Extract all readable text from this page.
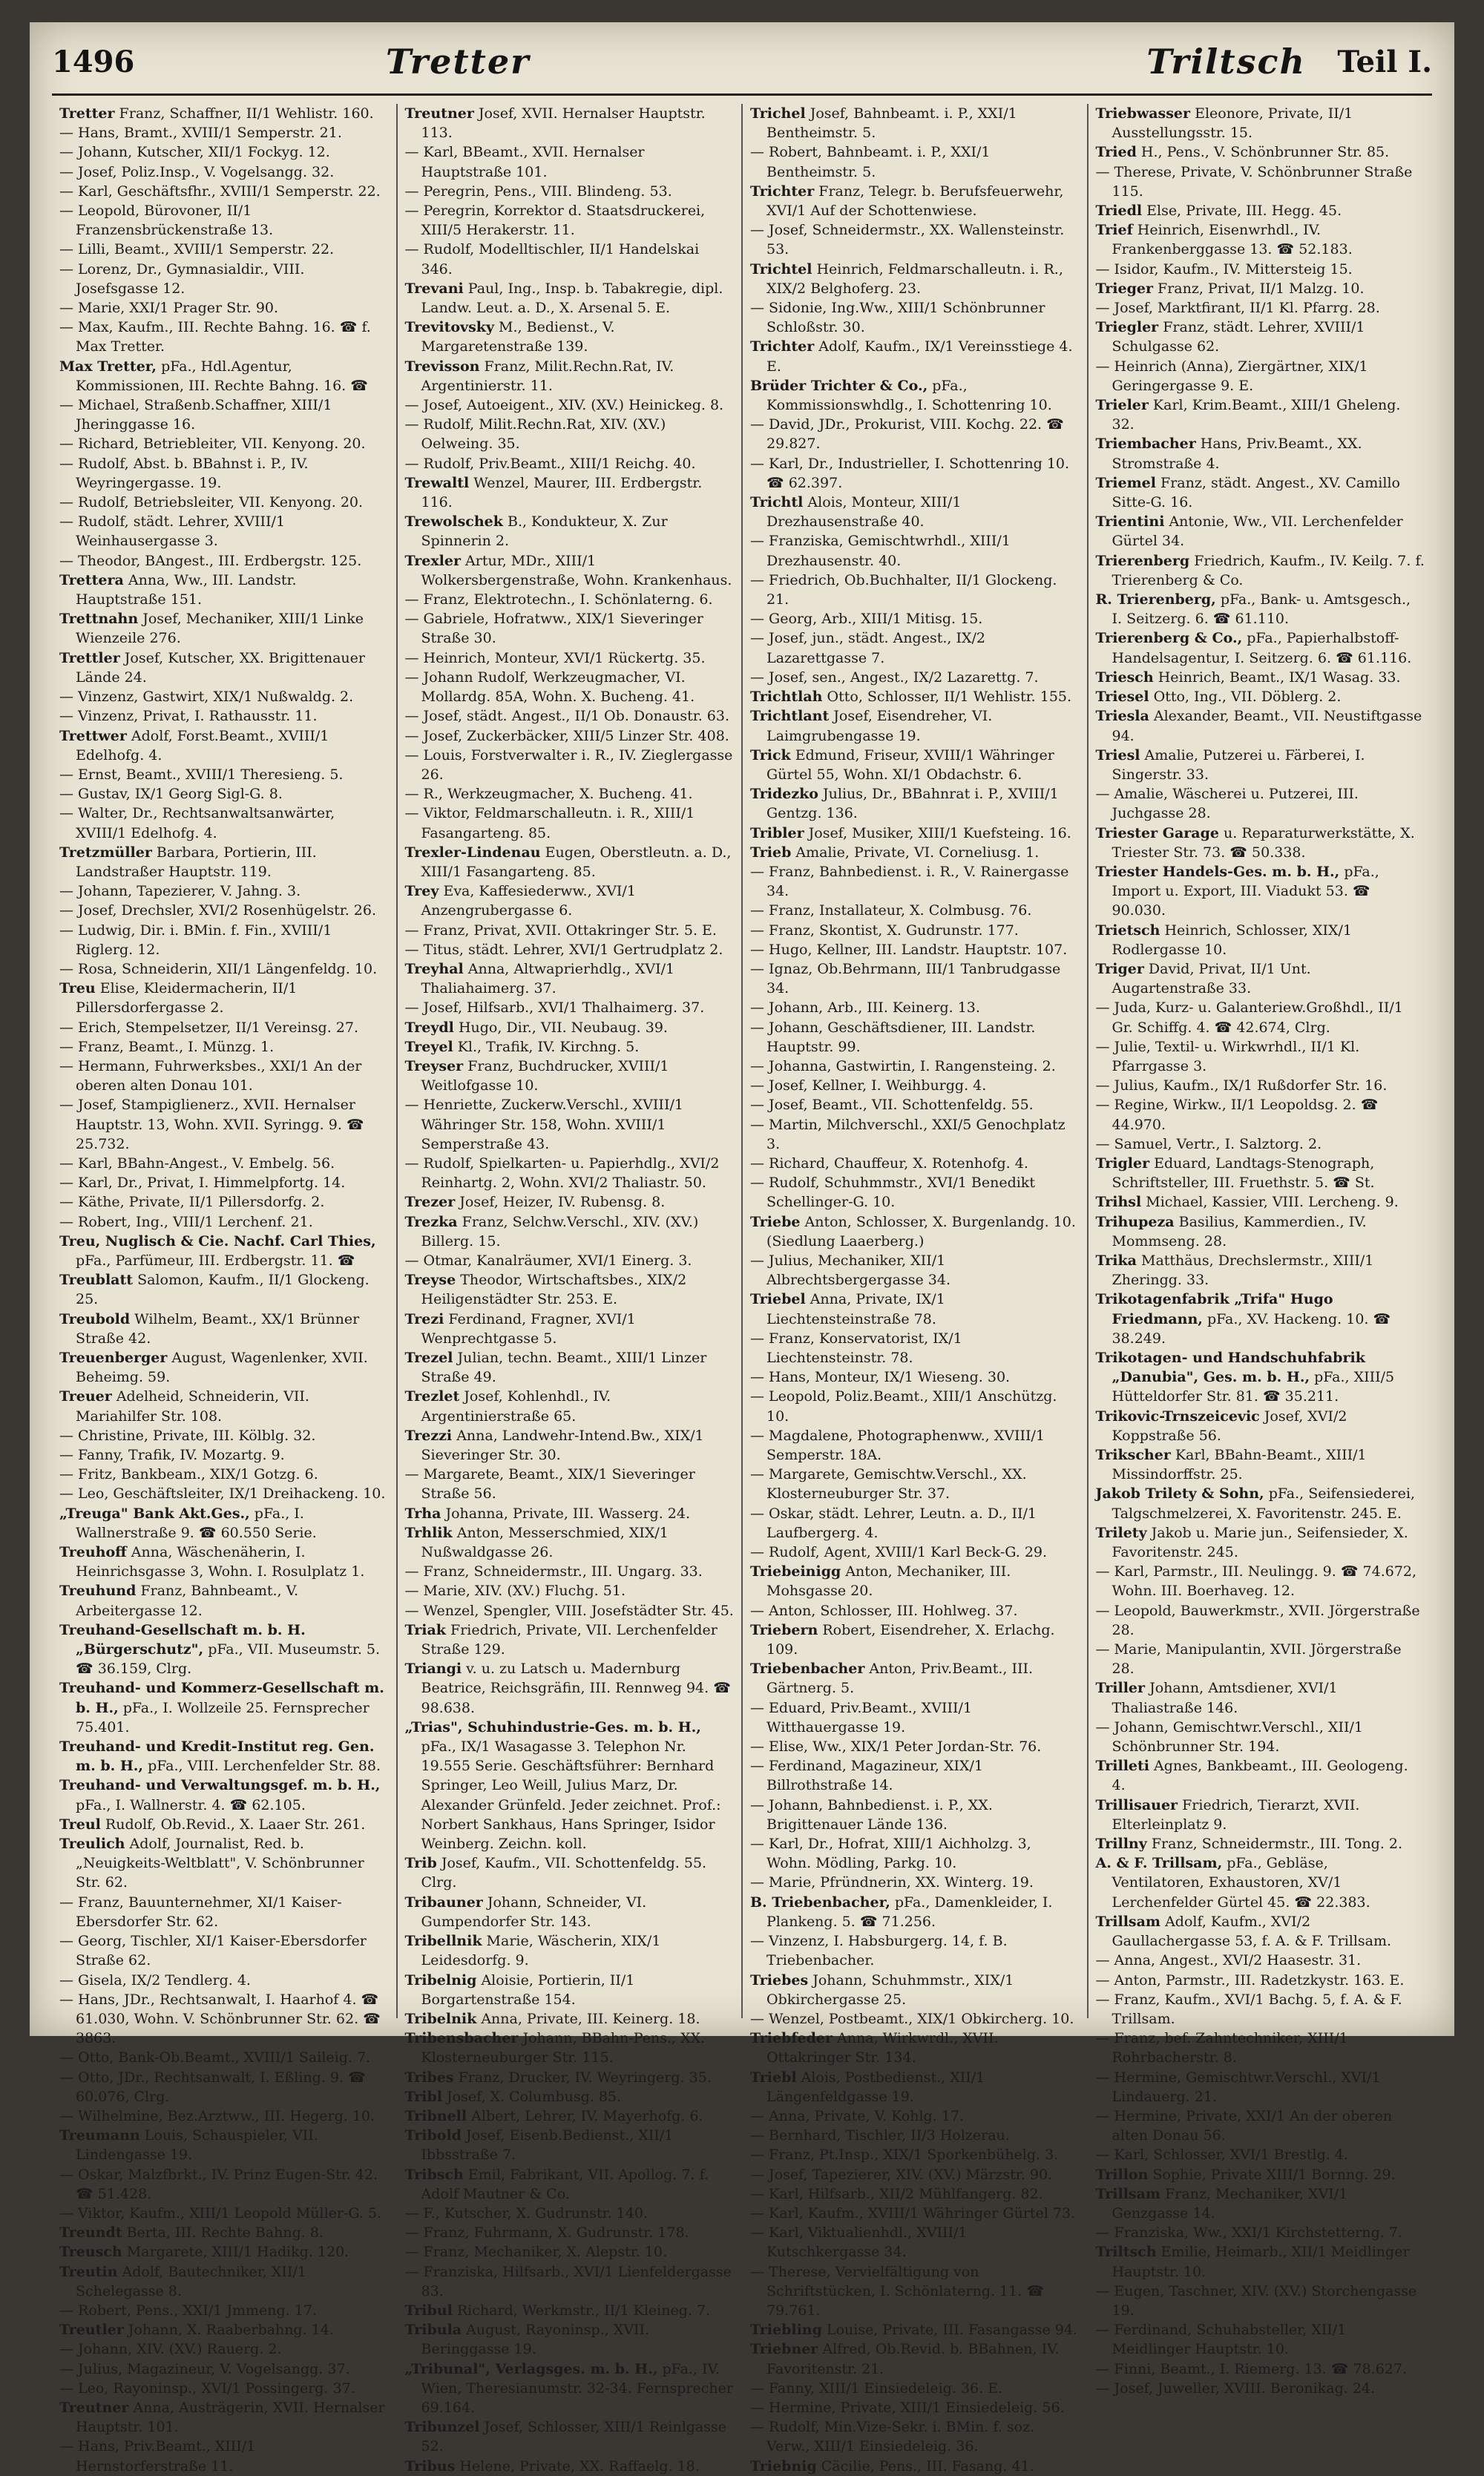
1496	Tretter	Triltsch Teil I.

Tretter Franz, Schaffner, II/1 Wehlistr. 160.

— Hans, Bramt., XVIII/1 Semperstr. 21.

— Johann, Kutscher, XII/1 Fockyg. 12.

— Josef, Poliz.Insp., V. Vogelsangg. 32.

— Karl, Geschäftsfhr., XVIII/1 Semperstr. 22.

— Leopold, Bürovoner, II/1 Franzensbrückenstraße 13.

— Lilli, Beamt., XVIII/1 Semperstr. 22.

— Lorenz, Dr., Gymnasialdir., VIII. Josefsgasse 12.

— Marie, XXI/1 Prager Str. 90.

— Max, Kaufm., III. Rechte Bahng. 16. ☎ f. Max Tretter.

Max Tretter, pFa., Hdl.Agentur, Kommissionen, III. Rechte Bahng. 16. ☎

— Michael, Straßenb.Schaffner, XIII/1 Jheringgasse 16.

— Richard, Betriebleiter, VII. Kenyong. 20.

— Rudolf, Abst. b. BBahnst i. P., IV. Weyringergasse. 19.

— Rudolf, Betriebsleiter, VII. Kenyong. 20.

— Rudolf, städt. Lehrer, XVIII/1 Weinhausergasse 3.

— Theodor, BAngest., III. Erdbergstr. 125.

Trettera Anna, Ww., III. Landstr. Hauptstraße 151.

Trettnahn Josef, Mechaniker, XIII/1 Linke Wienzeile 276.

Trettler Josef, Kutscher, XX. Brigittenauer Lände 24.

— Vinzenz, Gastwirt, XIX/1 Nußwaldg. 2.

— Vinzenz, Privat, I. Rathausstr. 11.

Trettwer Adolf, Forst.Beamt., XVIII/1 Edelhofg. 4.

— Ernst, Beamt., XVIII/1 Theresieng. 5.

— Gustav, IX/1 Georg Sigl-G. 8.

— Walter, Dr., Rechtsanwaltsanwärter, XVIII/1 Edelhofg. 4.

Tretzmüller Barbara, Portierin, III. Landstraßer Hauptstr. 119.

— Johann, Tapezierer, V. Jahng. 3.

— Josef, Drechsler, XVI/2 Rosenhügelstr. 26.

— Ludwig, Dir. i. BMin. f. Fin., XVIII/1 Riglerg. 12.

— Rosa, Schneiderin, XII/1 Längenfeldg. 10.

Treu Elise, Kleidermacherin, II/1 Pillersdorfergasse 2.

— Erich, Stempelsetzer, II/1 Vereinsg. 27.

— Franz, Beamt., I. Münzg. 1.

— Hermann, Fuhrwerksbes., XXI/1 An der oberen alten Donau 101.

— Josef, Stampiglienerz., XVII. Hernalser Hauptstr. 13, Wohn. XVII. Syringg. 9. ☎ 25.732.

— Karl, BBahn-Angest., V. Embelg. 56.

— Karl, Dr., Privat, I. Himmelpfortg. 14.

— Käthe, Private, II/1 Pillersdorfg. 2.

— Robert, Ing., VIII/1 Lerchenf. 21.

Treu, Nuglisch & Cie. Nachf. Carl Thies, pFa., Parfümeur, III. Erdbergstr. 11. ☎

Treublatt Salomon, Kaufm., II/1 Glockeng. 25.

Treubold Wilhelm, Beamt., XX/1 Brünner Straße 42.

Treuenberger August, Wagenlenker, XVII. Beheimg. 59.

Treuer Adelheid, Schneiderin, VII. Mariahilfer Str. 108.

— Christine, Private, III. Kölblg. 32.

— Fanny, Trafik, IV. Mozartg. 9.

— Fritz, Bankbeam., XIX/1 Gotzg. 6.

— Leo, Geschäftsleiter, IX/1 Dreihackeng. 10.

„Treuga" Bank Akt.Ges., pFa., I. Wallnerstraße 9. ☎ 60.550 Serie.

Treuhoff Anna, Wäschenäherin, I. Heinrichsgasse 3, Wohn. I. Rosulplatz 1.

Treuhund Franz, Bahnbeamt., V. Arbeitergasse 12.

Treuhand-Gesellschaft m. b. H. „Bürgerschutz", pFa., VII. Museumstr. 5. ☎ 36.159, Clrg.

Treuhand- und Kommerz-Gesellschaft m. b. H., pFa., I. Wollzeile 25. Fernsprecher 75.401.

Treuhand- und Kredit-Institut reg. Gen. m. b. H., pFa., VIII. Lerchenfelder Str. 88.

Treuhand- und Verwaltungsgef. m. b. H., pFa., I. Wallnerstr. 4. ☎ 62.105.

Treul Rudolf, Ob.Revid., X. Laaer Str. 261.

Treulich Adolf, Journalist, Red. b. „Neuigkeits-Weltblatt", V. Schönbrunner Str. 62.

— Franz, Bauunternehmer, XI/1 Kaiser-Ebersdorfer Str. 62.

— Georg, Tischler, XI/1 Kaiser-Ebersdorfer Straße 62.

— Gisela, IX/2 Tendlerg. 4.

— Hans, JDr., Rechtsanwalt, I. Haarhof 4. ☎ 61.030, Wohn. V. Schönbrunner Str. 62. ☎ 3863.

— Otto, Bank-Ob.Beamt., XVIII/1 Saileig. 7.

— Otto, JDr., Rechtsanwalt, I. Eßling. 9. ☎ 60.076, Clrg.

— Wilhelmine, Bez.Arztww., III. Hegerg. 10.

Treumann Louis, Schauspieler, VII. Lindengasse 19.

— Oskar, Malzfbrkt., IV. Prinz Eugen-Str. 42. ☎ 51.428.

— Viktor, Kaufm., XIII/1 Leopold Müller-G. 5.

Treundt Berta, III. Rechte Bahng. 8.

Treusch Margarete, XIII/1 Hadikg. 120.

Treutin Adolf, Bautechniker, XII/1 Schelegasse 8.

— Robert, Pens., XXI/1 Jmmeng. 17.

Treutler Johann, X. Raaberbahng. 14.

— Johann, XIV. (XV.) Rauerg. 2.

— Julius, Magazineur, V. Vogelsangg. 37.

— Leo, Rayoninsp., XVI/1 Possingerg. 37.

Treutner Anna, Austrägerin, XVII. Hernalser Hauptstr. 101.

— Hans, Priv.Beamt., XIII/1 Hernstorferstraße 11.

Treutner Josef, XVII. Hernalser Hauptstr. 113.

— Karl, BBeamt., XVII. Hernalser Hauptstraße 101.

— Peregrin, Pens., VIII. Blindeng. 53.

— Peregrin, Korrektor d. Staatsdruckerei, XIII/5 Herakerstr. 11.

— Rudolf, Modelltischler, II/1 Handelskai 346.

Trevani Paul, Ing., Insp. b. Tabakregie, dipl. Landw. Leut. a. D., X. Arsenal 5. E.

Trevitovsky M., Bedienst., V. Margaretenstraße 139.

Trevisson Franz, Milit.Rechn.Rat, IV. Argentinierstr. 11.

— Josef, Autoeigent., XIV. (XV.) Heinickeg. 8.

— Rudolf, Milit.Rechn.Rat, XIV. (XV.) Oelweing. 35.

— Rudolf, Priv.Beamt., XIII/1 Reichg. 40.

Trewaltl Wenzel, Maurer, III. Erdbergstr. 116.

Trewolschek B., Kondukteur, X. Zur Spinnerin 2.

Trexler Artur, MDr., XIII/1 Wolkersbergenstraße, Wohn. Krankenhaus.

— Franz, Elektrotechn., I. Schönlaterng. 6.

— Gabriele, Hofratww., XIX/1 Sieveringer Straße 30.

— Heinrich, Monteur, XVI/1 Rückertg. 35.

— Johann Rudolf, Werkzeugmacher, VI. Mollardg. 85A, Wohn. X. Bucheng. 41.

— Josef, städt. Angest., II/1 Ob. Donaustr. 63.

— Josef, Zuckerbäcker, XIII/5 Linzer Str. 408.

— Louis, Forstverwalter i. R., IV. Zieglergasse 26.

— R., Werkzeugmacher, X. Bucheng. 41.

— Viktor, Feldmarschalleutn. i. R., XIII/1 Fasangarteng. 85.

Trexler-Lindenau Eugen, Oberstleutn. a. D., XIII/1 Fasangarteng. 85.

Trey Eva, Kaffesiederww., XVI/1 Anzengrubergasse 6.

— Franz, Privat, XVII. Ottakringer Str. 5. E.

— Titus, städt. Lehrer, XVI/1 Gertrudplatz 2.

Treyhal Anna, Altwaprierhdlg., XVI/1 Thaliahaimerg. 37.

— Josef, Hilfsarb., XVI/1 Thalhaimerg. 37.

Treydl Hugo, Dir., VII. Neubaug. 39.

Treyel Kl., Trafik, IV. Kirchng. 5.

Treyser Franz, Buchdrucker, XVIII/1 Weitlofgasse 10.

— Henriette, Zuckerw.Verschl., XVIII/1 Währinger Str. 158, Wohn. XVIII/1 Semperstraße 43.

— Rudolf, Spielkarten- u. Papierhdlg., XVI/2 Reinhartg. 2, Wohn. XVI/2 Thaliastr. 50.

Trezer Josef, Heizer, IV. Rubensg. 8.

Trezka Franz, Selchw.Verschl., XIV. (XV.) Billerg. 15.

— Otmar, Kanalräumer, XVI/1 Einerg. 3.

Treyse Theodor, Wirtschaftsbes., XIX/2 Heiligenstädter Str. 253. E.

Trezi Ferdinand, Fragner, XVI/1 Wenprechtgasse 5.

Trezel Julian, techn. Beamt., XIII/1 Linzer Straße 49.

Trezlet Josef, Kohlenhdl., IV. Argentinierstraße 65.

Trezzi Anna, Landwehr-Intend.Bw., XIX/1 Sieveringer Str. 30.

— Margarete, Beamt., XIX/1 Sieveringer Straße 56.

Trha Johanna, Private, III. Wasserg. 24.

Trhlik Anton, Messerschmied, XIX/1 Nußwaldgasse 26.

— Franz, Schneidermstr., III. Ungarg. 33.

— Marie, XIV. (XV.) Fluchg. 51.

— Wenzel, Spengler, VIII. Josefstädter Str. 45.

Triak Friedrich, Private, VII. Lerchenfelder Straße 129.

Triangi v. u. zu Latsch u. Madernburg Beatrice, Reichsgräfin, III. Rennweg 94. ☎ 98.638.

„Trias", Schuhindustrie-Ges. m. b. H., pFa., IX/1 Wasagasse 3. Telephon Nr. 19.555 Serie. Geschäftsführer: Bernhard Springer, Leo Weill, Julius Marz, Dr. Alexander Grünfeld. Jeder zeichnet. Prof.: Norbert Sankhaus, Hans Springer, Isidor Weinberg. Zeichn. koll.

Trib Josef, Kaufm., VII. Schottenfeldg. 55. Clrg.

Tribauner Johann, Schneider, VI. Gumpendorfer Str. 143.

Tribellnik Marie, Wäscherin, XIX/1 Leidesdorfg. 9.

Tribelnig Aloisie, Portierin, II/1 Borgartenstraße 154.

Tribelnik Anna, Private, III. Keinerg. 18.

Tribensbacher Johann, BBahn-Pens., XX. Klosterneuburger Str. 115.

Tribes Franz, Drucker, IV. Weyringerg. 35.

Tribl Josef, X. Columbusg. 85.

Tribnell Albert, Lehrer, IV. Mayerhofg. 6.

Tribold Josef, Eisenb.Bedienst., XII/1 Ibbsstraße 7.

Tribsch Emil, Fabrikant, VII. Apollog. 7. f. Adolf Mautner & Co.

— F., Kutscher, X. Gudrunstr. 140.

— Franz, Fuhrmann, X. Gudrunstr. 178.

— Franz, Mechaniker, X. Alepstr. 10.

— Franziska, Hilfsarb., XVI/1 Lienfeldergasse 83.

Tribul Richard, Werkmstr., II/1 Kleineg. 7.

Tribula August, Rayoninsp., XVII. Beringgasse 19.

„Tribunal", Verlagsges. m. b. H., pFa., IV. Wien, Theresianumstr. 32-34. Fernsprecher 69.164.

Tribunzel Josef, Schlosser, XIII/1 Reinlgasse 52.

Tribus Helene, Private, XX. Raffaelg. 18.

Trichel Josef, Bahnbeamt. i. P., XXI/1 Bentheimstr. 5.

— Robert, Bahnbeamt. i. P., XXI/1 Bentheimstr. 5.

Trichter Franz, Telegr. b. Berufsfeuerwehr, XVI/1 Auf der Schottenwiese.

— Josef, Schneidermstr., XX. Wallensteinstr. 53.

Trichtel Heinrich, Feldmarschalleutn. i. R., XIX/2 Belghoferg. 23.

— Sidonie, Ing.Ww., XIII/1 Schönbrunner Schloßstr. 30.

Trichter Adolf, Kaufm., IX/1 Vereinsstiege 4. E.

Brüder Trichter & Co., pFa., Kommissionswhdlg., I. Schottenring 10.

— David, JDr., Prokurist, VIII. Kochg. 22. ☎ 29.827.

— Karl, Dr., Industrieller, I. Schottenring 10. ☎ 62.397.

Trichtl Alois, Monteur, XIII/1 Drezhausenstraße 40.

— Franziska, Gemischtwrhdl., XIII/1 Drezhausenstr. 40.

— Friedrich, Ob.Buchhalter, II/1 Glockeng. 21.

— Georg, Arb., XIII/1 Mitisg. 15.

— Josef, jun., städt. Angest., IX/2 Lazarettgasse 7.

— Josef, sen., Angest., IX/2 Lazarettg. 7.

Trichtlah Otto, Schlosser, II/1 Wehlistr. 155.

Trichtlant Josef, Eisendreher, VI. Laimgrubengasse 19.

Trick Edmund, Friseur, XVIII/1 Währinger Gürtel 55, Wohn. XI/1 Obdachstr. 6.

Tridezko Julius, Dr., BBahnrat i. P., XVIII/1 Gentzg. 136.

Tribler Josef, Musiker, XIII/1 Kuefsteing. 16.

Trieb Amalie, Private, VI. Corneliusg. 1.

— Franz, Bahnbedienst. i. R., V. Rainergasse 34.

— Franz, Installateur, X. Colmbusg. 76.

— Franz, Skontist, X. Gudrunstr. 177.

— Hugo, Kellner, III. Landstr. Hauptstr. 107.

— Ignaz, Ob.Behrmann, III/1 Tanbrudgasse 34.

— Johann, Arb., III. Keinerg. 13.

— Johann, Geschäftsdiener, III. Landstr. Hauptstr. 99.

— Johanna, Gastwirtin, I. Rangensteing. 2.

— Josef, Kellner, I. Weihburgg. 4.

— Josef, Beamt., VII. Schottenfeldg. 55.

— Martin, Milchverschl., XXI/5 Genochplatz 3.

— Richard, Chauffeur, X. Rotenhofg. 4.

— Rudolf, Schuhmmstr., XVI/1 Benedikt Schellinger-G. 10.

Triebe Anton, Schlosser, X. Burgenlandg. 10. (Siedlung Laaerberg.)

— Julius, Mechaniker, XII/1 Albrechtsbergergasse 34.

Triebel Anna, Private, IX/1 Liechtensteinstraße 78.

— Franz, Konservatorist, IX/1 Liechtensteinstr. 78.

— Hans, Monteur, IX/1 Wieseng. 30.

— Leopold, Poliz.Beamt., XIII/1 Anschützg. 10.

— Magdalene, Photographenww., XVIII/1 Semperstr. 18A.

— Margarete, Gemischtw.Verschl., XX. Klosterneuburger Str. 37.

— Oskar, städt. Lehrer, Leutn. a. D., II/1 Laufbergerg. 4.

— Rudolf, Agent, XVIII/1 Karl Beck-G. 29.

Triebeinigg Anton, Mechaniker, III. Mohsgasse 20.

— Anton, Schlosser, III. Hohlweg. 37.

Triebern Robert, Eisendreher, X. Erlachg. 109.

Triebenbacher Anton, Priv.Beamt., III. Gärtnerg. 5.

— Eduard, Priv.Beamt., XVIII/1 Witthauergasse 19.

— Elise, Ww., XIX/1 Peter Jordan-Str. 76.

— Ferdinand, Magazineur, XIX/1 Billrothstraße 14.

— Johann, Bahnbedienst. i. P., XX. Brigittenauer Lände 136.

— Karl, Dr., Hofrat, XIII/1 Aichholzg. 3, Wohn. Mödling, Parkg. 10.

— Marie, Pfründnerin, XX. Winterg. 19.

B. Triebenbacher, pFa., Damenkleider, I. Plankeng. 5. ☎ 71.256.

— Vinzenz, I. Habsburgerg. 14, f. B. Triebenbacher.

Triebes Johann, Schuhmmstr., XIX/1 Obkirchergasse 25.

— Wenzel, Postbeamt., XIX/1 Obkircherg. 10.

Triebfeder Anna, Wirkwrdl., XVII. Ottakringer Str. 134.

Triebl Alois, Postbedienst., XII/1 Längenfeldgasse 19.

— Anna, Private, V. Kohlg. 17.

— Bernhard, Tischler, II/3 Holzerau.

— Franz, Pt.Insp., XIX/1 Sporkenbühelg. 3.

— Josef, Tapezierer, XIV. (XV.) Märzstr. 90.

— Karl, Hilfsarb., XII/2 Mühlfangerg. 82.

— Karl, Kaufm., XVIII/1 Währinger Gürtel 73.

— Karl, Viktualienhdl., XVIII/1 Kutschkergasse 34.

— Therese, Vervielfältigung von Schriftstücken, I. Schönlaterng. 11. ☎ 79.761.

Triebling Louise, Private, III. Fasangasse 94.

Triebner Alfred, Ob.Revid. b. BBahnen, IV. Favoritenstr. 21.

— Fanny, XIII/1 Einsiedeleig. 36. E.

— Hermine, Private, XIII/1 Einsiedeleig. 56.

— Rudolf, Min.Vize-Sekr. i. BMin. f. soz. Verw., XIII/1 Einsiedeleig. 36.

Triebnig Cäcilie, Pens., III. Fasang. 41.

Triebwasser Eleonore, Private, II/1 Ausstellungsstr. 15.

Tried H., Pens., V. Schönbrunner Str. 85.

— Therese, Private, V. Schönbrunner Straße 115.

Triedl Else, Private, III. Hegg. 45.

Trief Heinrich, Eisenwrhdl., IV. Frankenberggasse 13. ☎ 52.183.

— Isidor, Kaufm., IV. Mittersteig 15.

Trieger Franz, Privat, II/1 Malzg. 10.

— Josef, Marktfirant, II/1 Kl. Pfarrg. 28.

Triegler Franz, städt. Lehrer, XVIII/1 Schulgasse 62.

— Heinrich (Anna), Ziergärtner, XIX/1 Geringergasse 9. E.

Trieler Karl, Krim.Beamt., XIII/1 Gheleng. 32.

Triembacher Hans, Priv.Beamt., XX. Stromstraße 4.

Triemel Franz, städt. Angest., XV. Camillo Sitte-G. 16.

Trientini Antonie, Ww., VII. Lerchenfelder Gürtel 34.

Trierenberg Friedrich, Kaufm., IV. Keilg. 7. f. Trierenberg & Co.

R. Trierenberg, pFa., Bank- u. Amtsgesch., I. Seitzerg. 6. ☎ 61.110.

Trierenberg & Co., pFa., Papierhalbstoff-Handelsagentur, I. Seitzerg. 6. ☎ 61.116.

Triesch Heinrich, Beamt., IX/1 Wasag. 33.

Triesel Otto, Ing., VII. Döblerg. 2.

Triesla Alexander, Beamt., VII. Neustiftgasse 94.

Triesl Amalie, Putzerei u. Färberei, I. Singerstr. 33.

— Amalie, Wäscherei u. Putzerei, III. Juchgasse 28.

Triester Garage u. Reparaturwerkstätte, X. Triester Str. 73. ☎ 50.338.

Triester Handels-Ges. m. b. H., pFa., Import u. Export, III. Viadukt 53. ☎ 90.030.

Trietsch Heinrich, Schlosser, XIX/1 Rodlergasse 10.

Triger David, Privat, II/1 Unt. Augartenstraße 33.

— Juda, Kurz- u. Galanteriew.Großhdl., II/1 Gr. Schiffg. 4. ☎ 42.674, Clrg.

— Julie, Textil- u. Wirkwrhdl., II/1 Kl. Pfarrgasse 3.

— Julius, Kaufm., IX/1 Rußdorfer Str. 16.

— Regine, Wirkw., II/1 Leopoldsg. 2. ☎ 44.970.

— Samuel, Vertr., I. Salztorg. 2.

Trigler Eduard, Landtags-Stenograph, Schriftsteller, III. Fruethstr. 5. ☎ St.

Trihsl Michael, Kassier, VIII. Lercheng. 9.

Trihupeza Basilius, Kammerdien., IV. Mommseng. 28.

Trika Matthäus, Drechslermstr., XIII/1 Zheringg. 33.

Trikotagenfabrik „Trifa" Hugo Friedmann, pFa., XV. Hackeng. 10. ☎ 38.249.

Trikotagen- und Handschuhfabrik „Danubia", Ges. m. b. H., pFa., XIII/5 Hütteldorfer Str. 81. ☎ 35.211.

Trikovic-Trnszeicevic Josef, XVI/2 Koppstraße 56.

Trikscher Karl, BBahn-Beamt., XIII/1 Missindorffstr. 25.

Jakob Trilety & Sohn, pFa., Seifensiederei, Talgschmelzerei, X. Favoritenstr. 245. E.

Trilety Jakob u. Marie jun., Seifensieder, X. Favoritenstr. 245.

— Karl, Parmstr., III. Neulingg. 9. ☎ 74.672, Wohn. III. Boerhaveg. 12.

— Leopold, Bauwerkmstr., XVII. Jörgerstraße 28.

— Marie, Manipulantin, XVII. Jörgerstraße 28.

Triller Johann, Amtsdiener, XVI/1 Thaliastraße 146.

— Johann, Gemischtwr.Verschl., XII/1 Schönbrunner Str. 194.

Trilleti Agnes, Bankbeamt., III. Geologeng. 4.

Trillisauer Friedrich, Tierarzt, XVII. Elterleinplatz 9.

Trillny Franz, Schneidermstr., III. Tong. 2.

A. & F. Trillsam, pFa., Gebläse, Ventilatoren, Exhaustoren, XV/1 Lerchenfelder Gürtel 45. ☎ 22.383.

Trillsam Adolf, Kaufm., XVI/2 Gaullachergasse 53, f. A. & F. Trillsam.

— Anna, Angest., XVI/2 Haasestr. 31.

— Anton, Parmstr., III. Radetzkystr. 163. E.

— Franz, Kaufm., XVI/1 Bachg. 5, f. A. & F. Trillsam.

— Franz, bef. Zahntechniker, XIII/1 Rohrbacherstr. 8.

— Hermine, Gemischtwr.Verschl., XVI/1 Lindauerg. 21.

— Hermine, Private, XXI/1 An der oberen alten Donau 56.

— Karl, Schlosser, XVI/1 Brestlg. 4.

Trillon Sophie, Private XIII/1 Bornng. 29.

Trillsam Franz, Mechaniker, XVI/1 Genzgasse 14.

— Franziska, Ww., XXI/1 Kirchstetterng. 7.

Triltsch Emilie, Heimarb., XII/1 Meidlinger Hauptstr. 10.

— Eugen, Taschner, XIV. (XV.) Storchengasse 19.

— Ferdinand, Schuhabsteller, XII/1 Meidlinger Hauptstr. 10.

— Finni, Beamt., I. Riemerg. 13. ☎ 78.627.

— Josef, Juweller, XVIII. Beronikag. 24.
